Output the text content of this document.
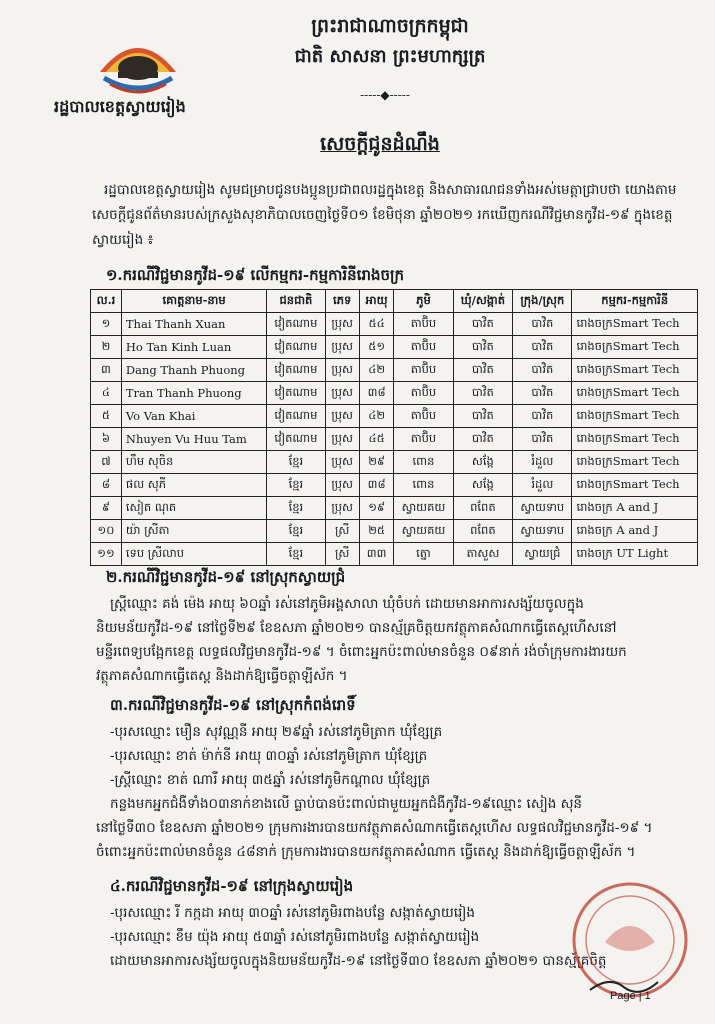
ព្រះរាជាណាចក្រកម្ពុជា
ជាតិ សាសនា ព្រះមហាក្សត្រ
-----◆-----
រដ្ឋបាលខេត្តស្វាយរៀង
សេចក្ដីជូនដំណឹង
រដ្ឋបាលខេត្តស្វាយរៀង សូមជម្រាបជូនបងប្អូនប្រជាពលរដ្ឋក្នុងខេត្ត និងសាធារណជនទាំងអស់មេត្តាជ្រាបថា យោងតាមសេចក្តីជូនព័ត៌មានរបស់ក្រសួងសុខាភិបាលចេញថ្ងៃទី០១ ខែមិថុនា ឆ្នាំ២០២១ រកឃើញករណីវិជ្ជមានកូវីដ-១៩ ក្នុងខេត្តស្វាយរៀង ៖
១.ករណីវិជ្ជមានកូវីដ-១៩ លើកម្មករ-កម្មការិនីរោងចក្រ
ល.រ	គោត្តនាម-នាម	ជនជាតិ	ភេទ	អាយុ	ភូមិ	ឃុំ/សង្កាត់	ក្រុង/ស្រុក	កម្មករ-កម្មការិនី
១	Thai Thanh Xuan	វៀតណាម	ប្រុស	៥៤	តាប៊ិប	បាវិត	បាវិត	រោងចក្រSmart Tech
២	Ho Tan Kinh Luan	វៀតណាម	ប្រុស	៥១	តាប៊ិប	បាវិត	បាវិត	រោងចក្រSmart Tech
៣	Dang Thanh Phuong	វៀតណាម	ប្រុស	៤២	តាប៊ិប	បាវិត	បាវិត	រោងចក្រSmart Tech
៤	Tran Thanh Phuong	វៀតណាម	ប្រុស	៣៨	តាប៊ិប	បាវិត	បាវិត	រោងចក្រSmart Tech
៥	Vo Van Khai	វៀតណាម	ប្រុស	៤២	តាប៊ិប	បាវិត	បាវិត	រោងចក្រSmart Tech
៦	Nhuyen Vu Huu Tam	វៀតណាម	ប្រុស	៤៥	តាប៊ិប	បាវិត	បាវិត	រោងចក្រSmart Tech
៧	ហឹម សុចិន	ខ្មែរ	ប្រុស	២៩	ពោន	សង្កែ	រំដួល	រោងចក្រSmart Tech
៨	ផល សុភី	ខ្មែរ	ប្រុស	៣៨	ពោន	សង្កែ	រំដួល	រោងចក្រSmart Tech
៩	សៀត ណុត	ខ្មែរ	ប្រុស	១៩	ស្វាយគយ	ពពែត	ស្វាយទាប	រោងចក្រ A and J
១០	យ៉ា ស្រីតា	ខ្មែរ	ស្រី	២៥	ស្វាយគយ	ពពែត	ស្វាយទាប	រោងចក្រ A and J
១១	ទេប ស្រីលាប	ខ្មែរ	ស្រី	៣៣	ត្នោ	តាសួស	ស្វាយជ្រំ	រោងចក្រ UT Light
២.ករណីវិជ្ជមានកូវីដ-១៩ នៅស្រុកស្វាយជ្រំ
ស្ត្រីឈ្មោះ គង់ ម៉េង អាយុ ៦០ឆ្នាំ រស់នៅភូមិអង្គសាលា ឃុំចំបក់ ដោយមានអាការសង្ស័យចូលក្នុង
និយមន័យកូវីដ-១៩ នៅថ្ងៃទី២៩ ខែឧសភា ឆ្នាំ២០២១ បានស្ម័គ្រចិត្តយកវត្ថុភាគសំណាកធ្វើតេស្តហើសនៅ
មន្ទីរពេទ្យបង្អែកខេត្ត លទ្ធផលវិជ្ជមានកូវីដ-១៩ ។ ចំពោះអ្នកប៉ះពាល់មានចំនួន ០៩នាក់ រង់ចាំក្រុមការងារយក
វត្ថុភាគសំណាកធ្វើតេស្ត និងដាក់ឱ្យធ្វើចត្តាឡីស័ក ។
៣.ករណីវិជ្ជមានកូវីដ-១៩ នៅស្រុកកំពង់រោទិ៍
-បុរសឈ្មោះ មឿន សុវណ្ណនី អាយុ ២៩ឆ្នាំ រស់នៅភូមិត្រាក ឃុំខ្សែត្រ
-បុរសឈ្មោះ ខាត់ ម៉ាក់នី អាយុ ៣០ឆ្នាំ រស់នៅភូមិត្រាក ឃុំខ្សែត្រ
-ស្ត្រីឈ្មោះ ខាត់ ណារី អាយុ ៣៥ឆ្នាំ រស់នៅភូមិកណ្តាល ឃុំខ្សែត្រ
កន្លងមកអ្នកជំងឺទាំង០៣នាក់ខាងលើ ធ្លាប់បានប៉ះពាល់ជាមួយអ្នកជំងឺកូវីដ-១៩ឈ្មោះ សៀង សុនី
នៅថ្ងៃទី៣០ ខែឧសភា ឆ្នាំ២០២១ ក្រុមការងារបានយកវត្ថុភាគសំណាកធ្វើតេស្តហើស លទ្ធផលវិជ្ជមានកូវីដ-១៩ ។
ចំពោះអ្នកប៉ះពាល់មានចំនួន ៤៨នាក់ ក្រុមការងារបានយកវត្ថុភាគសំណាក ធ្វើតេស្ត និងដាក់ឱ្យធ្វើចត្តាឡីស័ក ។
៤.ករណីវិជ្ជមានកូវីដ-១៩ នៅក្រុងស្វាយរៀង
-បុរសឈ្មោះ រី កក្កដា អាយុ ៣០ឆ្នាំ រស់នៅភូមិរពាងបន្លែ សង្កាត់ស្វាយរៀង
-បុរសឈ្មោះ ខឹម យ៉ុង អាយុ ៥៣ឆ្នាំ រស់នៅភូមិរពាងបន្លែ សង្កាត់ស្វាយរៀង
ដោយមានអាការសង្ស័យចូលក្នុងនិយមន័យកូវីដ-១៩ នៅថ្ងៃទី៣០ ខែឧសភា ឆ្នាំ២០២១ បានស្ម័គ្រចិត្ត
Page | 1
